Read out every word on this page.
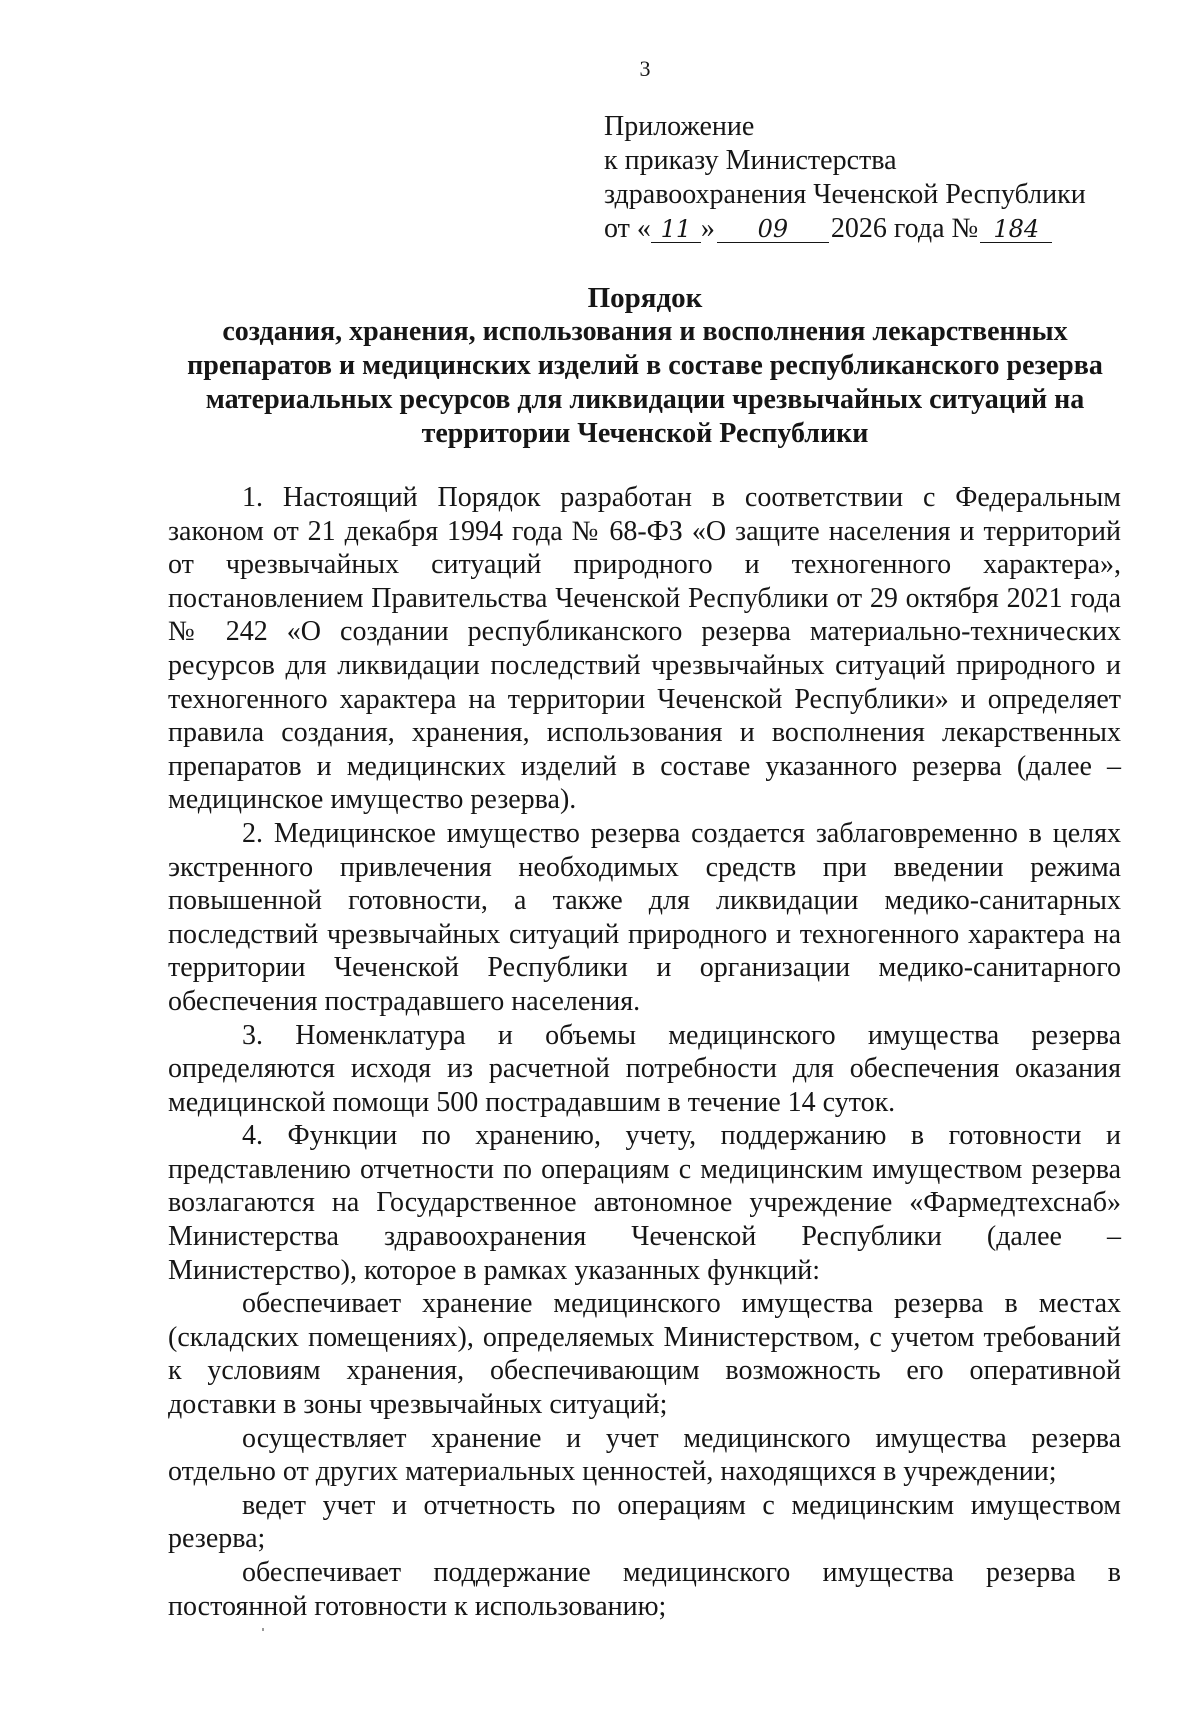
3
Приложение
к приказу Министерства
здравоохранения Чеченской Республики
от « 11 » 09 2026 года № 184
Порядок
создания, хранения, использования и восполнения лекарственных
препаратов и медицинских изделий в составе республиканского резерва
материальных ресурсов для ликвидации чрезвычайных ситуаций на
территории Чеченской Республики

1. Настоящий Порядок разработан в соответствии с Федеральным законом от 21 декабря 1994 года № 68-ФЗ «О защите населения и территорий от чрезвычайных ситуаций природного и техногенного характера», постановлением Правительства Чеченской Республики от 29 октября 2021 года № 242 «О создании республиканского резерва материально-технических ресурсов для ликвидации последствий чрезвычайных ситуаций природного и техногенного характера на территории Чеченской Республики» и определяет правила создания, хранения, использования и восполнения лекарственных препаратов и медицинских изделий в составе указанного резерва (далее – медицинское имущество резерва).

2. Медицинское имущество резерва создается заблаговременно в целях экстренного привлечения необходимых средств при введении режима повышенной готовности, а также для ликвидации медико-санитарных последствий чрезвычайных ситуаций природного и техногенного характера на территории Чеченской Республики и организации медико-санитарного обеспечения пострадавшего населения.

3. Номенклатура и объемы медицинского имущества резерва определяются исходя из расчетной потребности для обеспечения оказания медицинской помощи 500 пострадавшим в течение 14 суток.

4. Функции по хранению, учету, поддержанию в готовности и представлению отчетности по операциям с медицинским имуществом резерва возлагаются на Государственное автономное учреждение «Фармедтехснаб» Министерства здравоохранения Чеченской Республики (далее – Министерство), которое в рамках указанных функций:

обеспечивает хранение медицинского имущества резерва в местах (складских помещениях), определяемых Министерством, с учетом требований к условиям хранения, обеспечивающим возможность его оперативной доставки в зоны чрезвычайных ситуаций;

осуществляет хранение и учет медицинского имущества резерва отдельно от других материальных ценностей, находящихся в учреждении;

ведет учет и отчетность по операциям с медицинским имуществом резерва;

обеспечивает поддержание медицинского имущества резерва в постоянной готовности к использованию;
